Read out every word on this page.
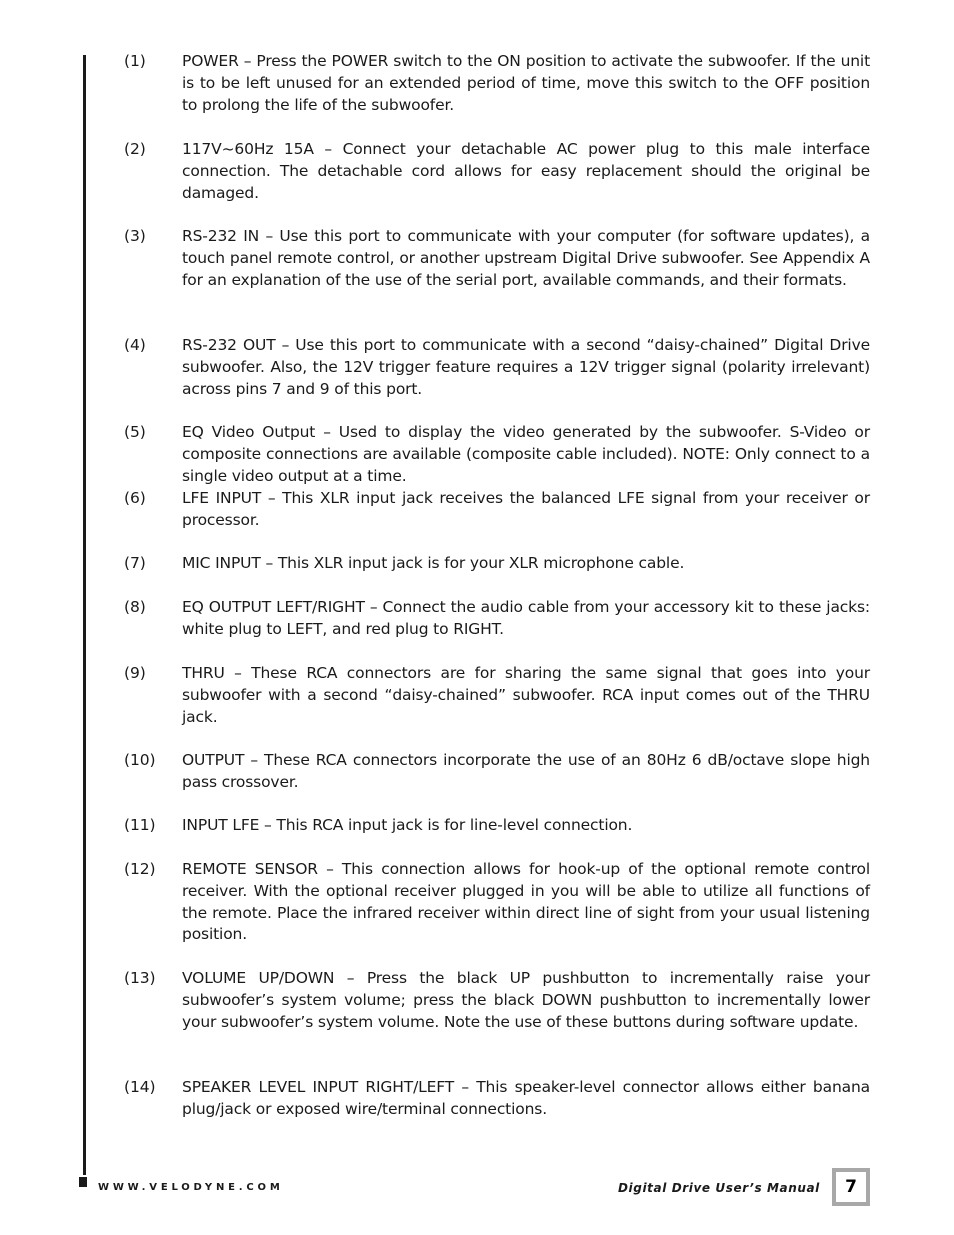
(1) POWER – Press the POWER switch to the ON position to activate the subwoofer. If the unit is to be left unused for an extended period of time, move this switch to the OFF position to prolong the life of the subwoofer.
(2) 117V~60Hz 15A – Connect your detachable AC power plug to this male interface connection. The detachable cord allows for easy replacement should the original be damaged.
(3) RS-232 IN – Use this port to communicate with your computer (for software updates), a touch panel remote control, or another upstream Digital Drive subwoofer. See Appendix A for an explanation of the use of the serial port, available commands, and their formats.
(4) RS-232 OUT – Use this port to communicate with a second “daisy-chained” Digital Drive subwoofer. Also, the 12V trigger feature requires a 12V trigger signal (polarity irrelevant) across pins 7 and 9 of this port.
(5) EQ Video Output – Used to display the video generated by the subwoofer. S-Video or composite connections are available (composite cable included). NOTE: Only connect to a single video output at a time.
(6) LFE INPUT – This XLR input jack receives the balanced LFE signal from your receiver or processor.
(7) MIC INPUT – This XLR input jack is for your XLR microphone cable.
(8) EQ OUTPUT LEFT/RIGHT – Connect the audio cable from your accessory kit to these jacks: white plug to LEFT, and red plug to RIGHT.
(9) THRU – These RCA connectors are for sharing the same signal that goes into your subwoofer with a second “daisy-chained” subwoofer. RCA input comes out of the THRU jack.
(10) OUTPUT – These RCA connectors incorporate the use of an 80Hz 6 dB/octave slope high pass crossover.
(11) INPUT LFE – This RCA input jack is for line-level connection.
(12) REMOTE SENSOR – This connection allows for hook-up of the optional remote control receiver. With the optional receiver plugged in you will be able to utilize all functions of the remote. Place the infrared receiver within direct line of sight from your usual listening position.
(13) VOLUME UP/DOWN – Press the black UP pushbutton to incrementally raise your subwoofer’s system volume; press the black DOWN pushbutton to incrementally lower your subwoofer’s system volume. Note the use of these buttons during software update.
(14) SPEAKER LEVEL INPUT RIGHT/LEFT – This speaker-level connector allows either banana plug/jack or exposed wire/terminal connections.
WWW.VELODYNE.COM	Digital Drive User’s Manual	7
